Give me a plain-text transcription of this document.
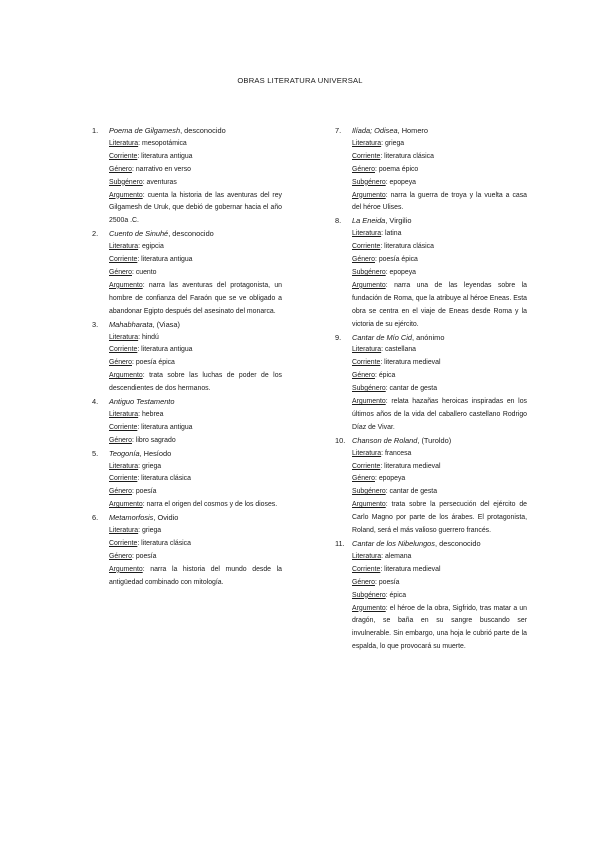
OBRAS LITERATURA UNIVERSAL
1. Poema de Gilgamesh, desconocido
Literatura: mesopotámica
Corriente: literatura antigua
Género: narrativo en verso
Subgénero: aventuras
Argumento: cuenta la historia de las aventuras del rey Gilgamesh de Uruk, que debió de gobernar hacia el año 2500a .C.
2. Cuento de Sinuhé, desconocido
Literatura: egipcia
Corriente: literatura antigua
Género: cuento
Argumento: narra las aventuras del protagonista, un hombre de confianza del Faraón que se ve obligado a abandonar Egipto después del asesinato del monarca.
3. Mahabharata, (Viasa)
Literatura: hindú
Corriente: literatura antigua
Género: poesía épica
Argumento: trata sobre las luchas de poder de los descendientes de dos hermanos.
4. Antiguo Testamento
Literatura: hebrea
Corriente: literatura antigua
Género: libro sagrado
5. Teogonía, Hesíodo
Literatura: griega
Corriente: literatura clásica
Género: poesía
Argumento: narra el origen del cosmos y de los dioses.
6. Metamorfosis, Ovidio
Literatura: griega
Corriente: literatura clásica
Género: poesía
Argumento: narra la historia del mundo desde la antigüedad combinado con mitología.
7. Ilíada; Odisea, Homero
Literatura: griega
Corriente: literatura clásica
Género: poema épico
Subgénero: epopeya
Argumento: narra la guerra de troya y la vuelta a casa del héroe Ulises.
8. La Eneida, Virgilio
Literatura: latina
Corriente: literatura clásica
Género: poesía épica
Subgénero: epopeya
Argumento: narra una de las leyendas sobre la fundación de Roma, que la atribuye al héroe Eneas. Esta obra se centra en el viaje de Eneas desde Roma y la victoria de su ejército.
9. Cantar de Mío Cid, anónimo
Literatura: castellana
Corriente: literatura medieval
Género: épica
Subgénero: cantar de gesta
Argumento: relata hazañas heroicas inspiradas en los últimos años de la vida del caballero castellano Rodrigo Díaz de Vivar.
10. Chanson de Roland, (Turoldo)
Literatura: francesa
Corriente: literatura medieval
Género: epopeya
Subgénero: cantar de gesta
Argumento: trata sobre la persecución del ejército de Carlo Magno por parte de los árabes. El protagonista, Roland, será el más valioso guerrero francés.
11. Cantar de los Nibelungos, desconocido
Literatura: alemana
Corriente: literatura medieval
Género: poesía
Subgénero: épica
Argumento: el héroe de la obra, Sigfrido, tras matar a un dragón, se baña en su sangre buscando ser invulnerable. Sin embargo, una hoja le cubrió parte de la espalda, lo que provocará su muerte.
